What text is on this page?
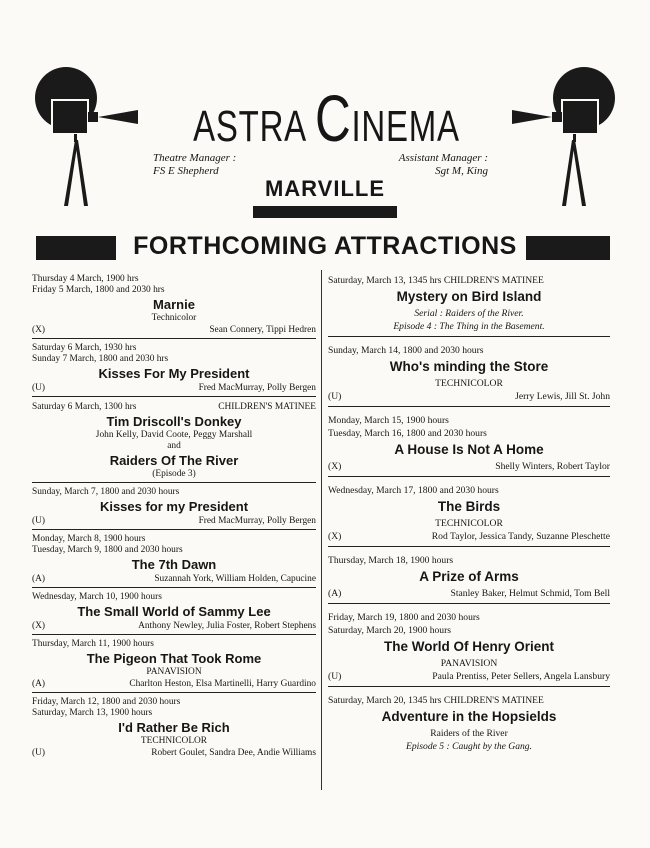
ASTRA CINEMA
Theatre Manager :
FS E Shepherd
Assistant Manager :
Sgt M, King
MARVILLE
FORTHCOMING ATTRACTIONS
Thursday 4 March, 1900 hrs
Friday 5 March, 1800 and 2030 hrs
Marnie
Technicolor
(X)	Sean Connery, Tippi Hedren
Saturday 6 March, 1930 hrs
Sunday 7 March, 1800 and 2030 hrs
Kisses For My President
(U)	Fred MacMurray, Polly Bergen
Saturday 6 March, 1300 hrs	CHILDREN'S MATINEE
Tim Driscoll's Donkey
John Kelly, David Coote, Peggy Marshall
and
Raiders Of The River
(Episode 3)
Sunday, March 7, 1800 and 2030 hours
Kisses for my President
(U)	Fred MacMurray, Polly Bergen
Monday, March 8, 1900 hours
Tuesday, March 9, 1800 and 2030 hours
The 7th Dawn
(A)	Suzannah York, William Holden, Capucine
Wednesday, March 10, 1900 hours
The Small World of Sammy Lee
(X)	Anthony Newley, Julia Foster, Robert Stephens
Thursday, March 11, 1900 hours
The Pigeon That Took Rome
PANAVISION
(A)	Charlton Heston, Elsa Martinelli, Harry Guardino
Friday, March 12, 1800 and 2030 hours
Saturday, March 13, 1900 hours
I'd Rather Be Rich
TECHNICOLOR
(U)	Robert Goulet, Sandra Dee, Andie Williams
Saturday, March 13, 1345 hrs CHILDREN'S MATINEE
Mystery on Bird Island
Serial : Raiders of the River.
Episode 4 : The Thing in the Basement.
Sunday, March 14, 1800 and 2030 hours
Who's minding the Store
TECHNICOLOR
(U)	Jerry Lewis, Jill St. John
Monday, March 15, 1900 hours
Tuesday, March 16, 1800 and 2030 hours
A House Is Not A Home
(X)	Shelly Winters, Robert Taylor
Wednesday, March 17, 1800 and 2030 hours
The Birds
TECHNICOLOR
(X)	Rod Taylor, Jessica Tandy, Suzanne Pleschette
Thursday, March 18, 1900 hours
A Prize of Arms
(A)	Stanley Baker, Helmut Schmid, Tom Bell
Friday, March 19, 1800 and 2030 hours
Saturday, March 20, 1900 hours
The World Of Henry Orient
PANAVISION
(U)	Paula Prentiss, Peter Sellers, Angela Lansbury
Saturday, March 20, 1345 hrs CHILDREN'S MATINEE
Adventure in the Hopsields
Raiders of the River
Episode 5 : Caught by the Gang.
